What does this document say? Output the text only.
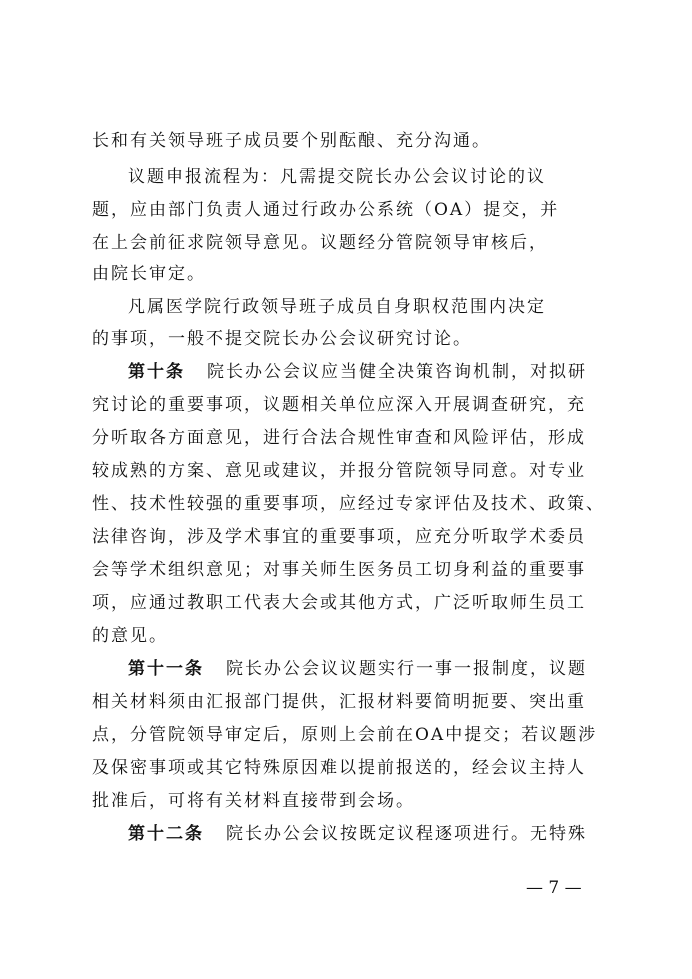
长和有关领导班子成员要个别酝酿、充分沟通。
议题申报流程为：凡需提交院长办公会议讨论的议
题，应由部门负责人通过行政办公系统（OA）提交，并
在上会前征求院领导意见。议题经分管院领导审核后，
由院长审定。
凡属医学院行政领导班子成员自身职权范围内决定
的事项，一般不提交院长办公会议研究讨论。
第十条 院长办公会议应当健全决策咨询机制，对拟研
究讨论的重要事项，议题相关单位应深入开展调查研究，充
分听取各方面意见，进行合法合规性审查和风险评估，形成
较成熟的方案、意见或建议，并报分管院领导同意。对专业
性、技术性较强的重要事项，应经过专家评估及技术、政策、
法律咨询，涉及学术事宜的重要事项，应充分听取学术委员
会等学术组织意见；对事关师生医务员工切身利益的重要事
项，应通过教职工代表大会或其他方式，广泛听取师生员工
的意见。
第十一条 院长办公会议议题实行一事一报制度，议题
相关材料须由汇报部门提供，汇报材料要简明扼要、突出重
点，分管院领导审定后，原则上会前在OA中提交；若议题涉
及保密事项或其它特殊原因难以提前报送的，经会议主持人
批准后，可将有关材料直接带到会场。
第十二条 院长办公会议按既定议程逐项进行。无特殊
— 7 —
